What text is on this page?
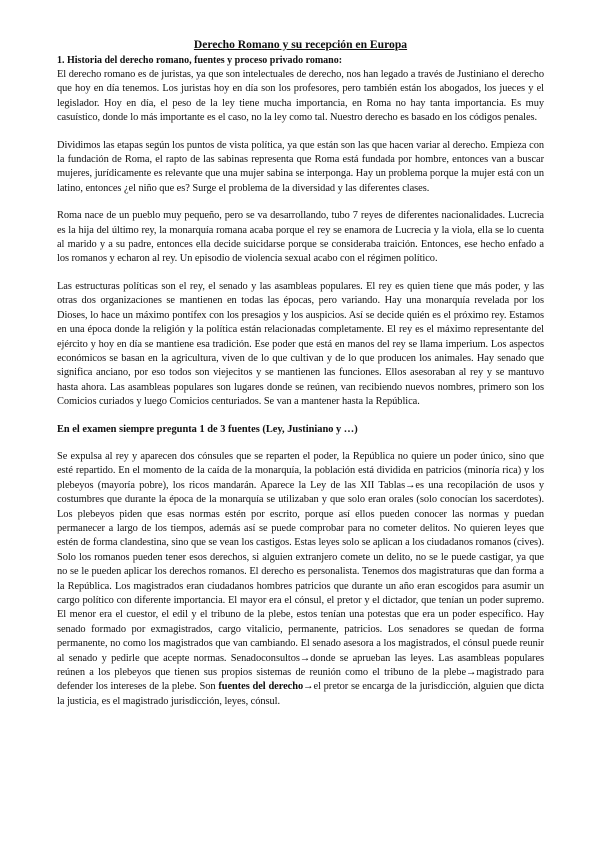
Derecho Romano y su recepción en Europa
1. Historia del derecho romano, fuentes y proceso privado romano:

El derecho romano es de juristas, ya que son intelectuales de derecho, nos han legado a través de Justiniano el derecho que hoy en día tenemos. Los juristas hoy en día son los profesores, pero también están los abogados, los jueces y el legislador. Hoy en día, el peso de la ley tiene mucha importancia, en Roma no hay tanta importancia. Es muy casuístico, donde lo más importante es el caso, no la ley como tal. Nuestro derecho es basado en los códigos penales.

Dividimos las etapas según los puntos de vista política, ya que están son las que hacen variar al derecho. Empieza con la fundación de Roma, el rapto de las sabinas representa que Roma está fundada por hombre, entonces van a buscar mujeres, jurídicamente es relevante que una mujer sabina se interponga. Hay un problema porque la mujer está con un latino, entonces ¿el niño que es? Surge el problema de la diversidad y las diferentes clases.

Roma nace de un pueblo muy pequeño, pero se va desarrollando, tubo 7 reyes de diferentes nacionalidades. Lucrecia es la hija del último rey, la monarquía romana acaba porque el rey se enamora de Lucrecia y la viola, ella se lo cuenta al marido y a su padre, entonces ella decide suicidarse porque se consideraba traición. Entonces, ese hecho enfado a los romanos y echaron al rey. Un episodio de violencia sexual acabo con el régimen político.

Las estructuras políticas son el rey, el senado y las asambleas populares. El rey es quien tiene que más poder, y las otras dos organizaciones se mantienen en todas las épocas, pero variando. Hay una monarquía revelada por los Dioses, lo hace un máximo pontífex con los presagios y los auspicios. Así se decide quién es el próximo rey. Estamos en una época donde la religión y la política están relacionadas completamente. El rey es el máximo representante del ejército y hoy en día se mantiene esa tradición. Ese poder que está en manos del rey se llama imperium. Los aspectos económicos se basan en la agricultura, viven de lo que cultivan y de lo que producen los animales. Hay senado que significa anciano, por eso todos son viejecitos y se mantienen las funciones. Ellos asesoraban al rey y se mantuvo hasta ahora. Las asambleas populares son lugares donde se reúnen, van recibiendo nuevos nombres, primero son los Comicios curiados y luego Comicios centuriados. Se van a mantener hasta la República.

En el examen siempre pregunta 1 de 3 fuentes (Ley, Justiniano y …)

Se expulsa al rey y aparecen dos cónsules que se reparten el poder, la República no quiere un poder único, sino que esté repartido. En el momento de la caída de la monarquía, la población está dividida en patricios (minoría rica) y los plebeyos (mayoría pobre), los ricos mandarán. Aparece la Ley de las XII Tablas→es una recopilación de usos y costumbres que durante la época de la monarquía se utilizaban y que solo eran orales (solo conocían los sacerdotes). Los plebeyos piden que esas normas estén por escrito, porque así ellos pueden conocer las normas y puedan permanecer a largo de los tiempos, además así se puede comprobar para no cometer delitos. No quieren leyes que estén de forma clandestina, sino que se vean los castigos. Estas leyes solo se aplican a los ciudadanos romanos (cives). Solo los romanos pueden tener esos derechos, si alguien extranjero comete un delito, no se le puede castigar, ya que no se le pueden aplicar los derechos romanos. El derecho es personalista. Tenemos dos magistraturas que dan forma a la República. Los magistrados eran ciudadanos hombres patricios que durante un año eran escogidos para asumir un cargo político con diferente importancia. El mayor era el cónsul, el pretor y el dictador, que tenían un poder supremo. El menor era el cuestor, el edil y el tribuno de la plebe, estos tenían una potestas que era un poder específico. Hay senado formado por exmagistrados, cargo vitalicio, permanente, patricios. Los senadores se quedan de forma permanente, no como los magistrados que van cambiando. El senado asesora a los magistrados, el cónsul puede reunir al senado y pedirle que acepte normas. Senadoconsultos→donde se aprueban las leyes. Las asambleas populares reúnen a los plebeyos que tienen sus propios sistemas de reunión como el tribuno de la plebe→magistrado para defender los intereses de la plebe. Son fuentes del derecho→el pretor se encarga de la jurisdicción, alguien que dicta la justicia, es el magistrado jurisdicción, leyes, cónsul.
